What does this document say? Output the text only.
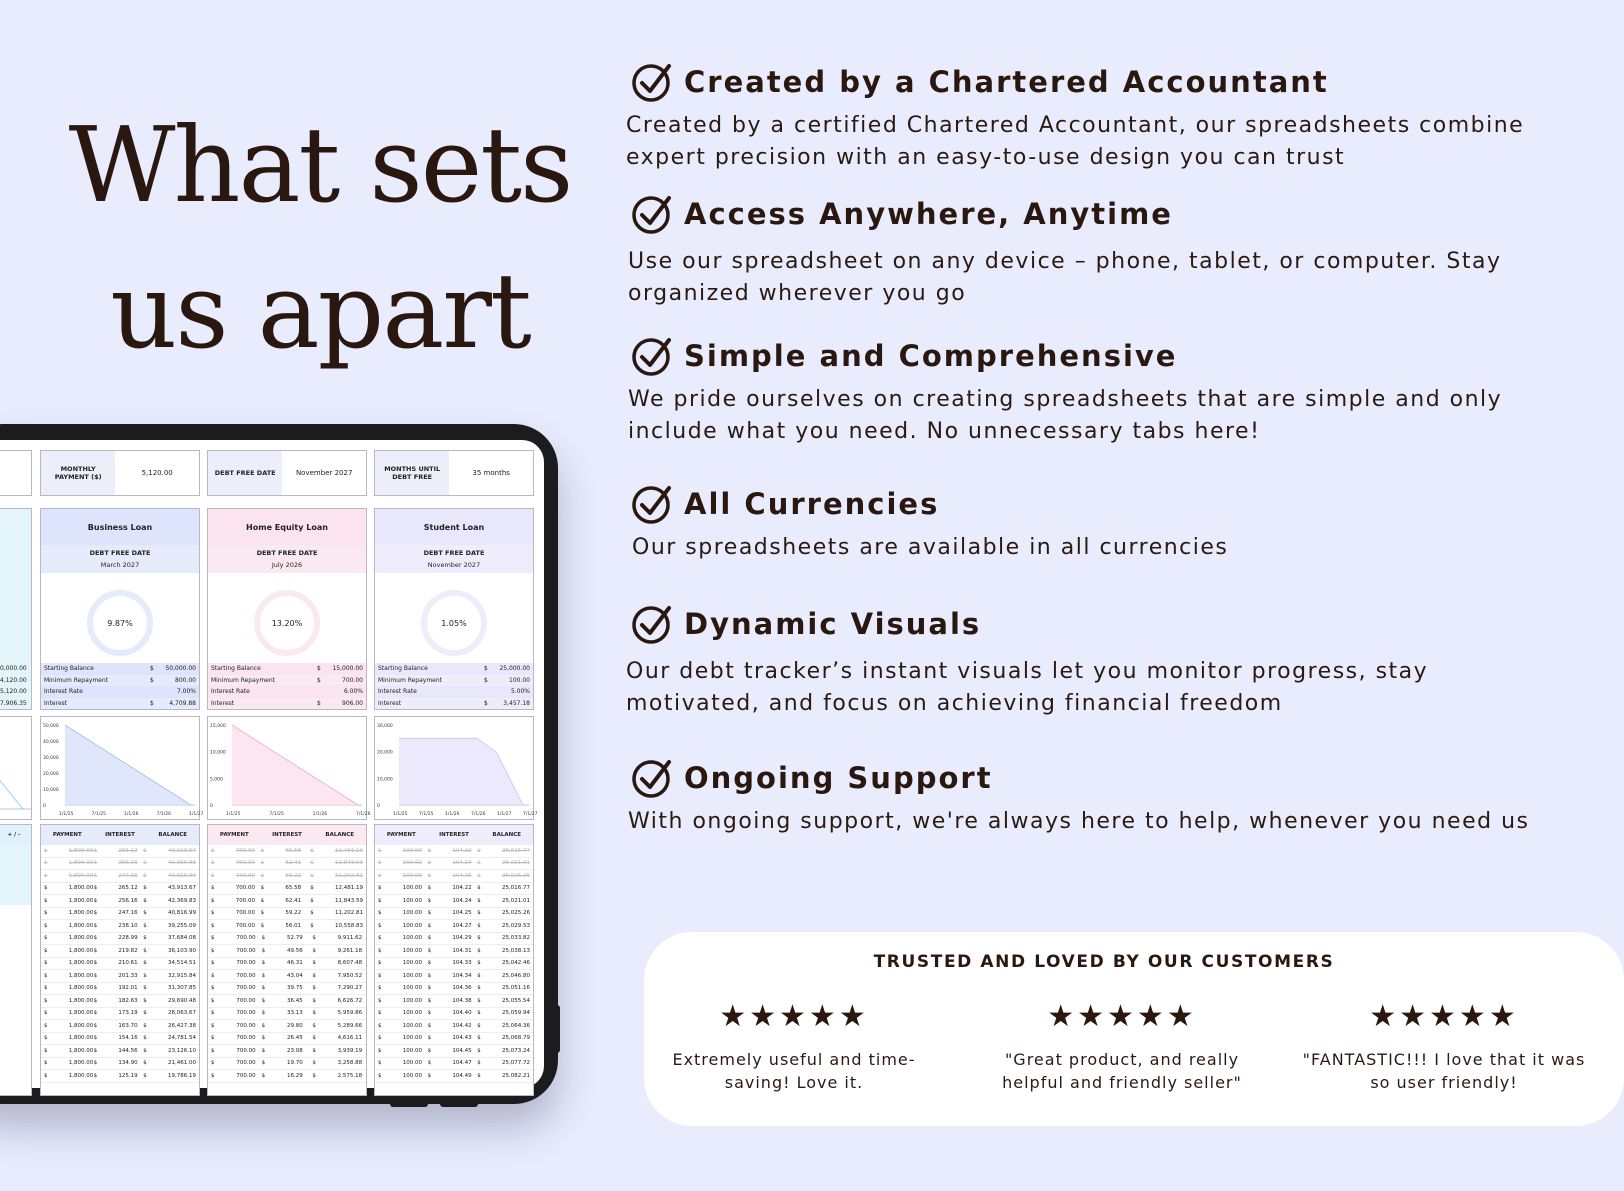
What sets
us apart
Created by a Chartered Accountant
Created by a certified Chartered Accountant, our spreadsheets combine expert precision with an easy-to-use design you can trust
Access Anywhere, Anytime
Use our spreadsheet on any device – phone, tablet, or computer. Stay organized wherever you go
Simple and Comprehensive
We pride ourselves on creating spreadsheets that are simple and only include what you need. No unnecessary tabs here!
All Currencies
Our spreadsheets are available in all currencies
Dynamic Visuals
Our debt tracker’s instant visuals let you monitor progress, stay motivated, and focus on achieving financial freedom
Ongoing Support
With ongoing support, we're always here to help, whenever you need us
TRUSTED AND LOVED BY OUR CUSTOMERS
★★★★★
Extremely useful and time-saving! Love it.
★★★★★
"Great product, and really helpful and friendly seller"
★★★★★
"FANTASTIC!!! I love that it was so user friendly!
0,000.00
4,120.00
5,120.00
7,906.35
+ / -
MONTHLY PAYMENT ($)	5,120.00	DEBT FREE DATE	November 2027	MONTHS UNTIL DEBT FREE	35 months
Business Loan
DEBT FREE DATE
March 2027
9.87%
Starting Balance	$	50,000.00
Minimum Repayment	$	800.00
Interest Rate	7.00%
Interest	$	4,709.88
50,000
40,000
30,000
20,000
10,000
0
1/1/25	7/1/25	1/1/26	7/1/26	1/1/27
PAYMENT	INTEREST	BALANCE
$	1,800.00 $	265.12	$	43,913.67
$	1,800.00 $	256.16	$	42,369.83
$	1,800.00 $	247.16	$	40,816.99
$	1,800.00 $	265.12	$	43,913.67
$	1,800.00 $	256.16	$	42,369.83
$	1,800.00 $	247.16	$	40,816.99
$	1,800.00 $	238.10	$	39,255.09
$	1,800.00 $	228.99	$	37,684.08
$	1,800.00 $	219.82	$	36,103.90
$	1,800.00 $	210.61	$	34,514.51
$	1,800.00 $	201.33	$	32,915.84
$	1,800.00 $	192.01	$	31,307.85
$	1,800.00 $	182.63	$	29,690.48
$	1,800.00 $	173.19	$	28,063.67
$	1,800.00 $	163.70	$	26,427.38
$	1,800.00 $	154.16	$	24,781.54
$	1,800.00 $	144.56	$	23,126.10
$	1,800.00 $	134.90	$	21,461.00
$	1,800.00 $	125.19	$	19,786.19
Home Equity Loan
DEBT FREE DATE
July 2026
13.20%
Starting Balance	$	15,000.00
Minimum Repayment	$	700.00
Interest Rate	6.00%
Interest	$	906.00
15,000
10,000
5,000
0
1/1/25	7/1/25	1/1/26	7/1/26
PAYMENT	INTEREST	BALANCE
$	700.00	$	65.58	$	12,481.19
$	700.00	$	62.41	$	11,843.59
$	700.00	$	59.22	$	11,202.81
$	700.00	$	65.58	$	12,481.19
$	700.00	$	62.41	$	11,843.59
$	700.00	$	59.22	$	11,202.81
$	700.00	$	56.01	$	10,558.83
$	700.00	$	52.79	$	9,911.62
$	700.00	$	49.56	$	9,261.18
$	700.00	$	46.31	$	8,607.48
$	700.00	$	43.04	$	7,950.52
$	700.00	$	39.75	$	7,290.27
$	700.00	$	36.45	$	6,626.72
$	700.00	$	33.13	$	5,959.86
$	700.00	$	29.80	$	5,289.66
$	700.00	$	26.45	$	4,616.11
$	700.00	$	23.08	$	3,939.19
$	700.00	$	19.70	$	3,258.88
$	700.00	$	16.29	$	2,575.18
Student Loan
DEBT FREE DATE
November 2027
1.05%
Starting Balance	$	25,000.00
Minimum Repayment	$	100.00
Interest Rate	5.00%
Interest	$	3,457.18
30,000
20,000
10,000
0
1/1/25	7/1/25	1/1/26	7/1/26	1/1/27	7/1/27
PAYMENT	INTEREST	BALANCE
$	100.00	$	104.22	$	25,016.77
$	100.00	$	104.24	$	25,021.01
$	100.00	$	104.25	$	25,025.26
$	100.00	$	104.22	$	25,016.77
$	100.00	$	104.24	$	25,021.01
$	100.00	$	104.25	$	25,025.26
$	100.00	$	104.27	$	25,029.53
$	100.00	$	104.29	$	25,033.82
$	100.00	$	104.31	$	25,038.13
$	100.00	$	104.33	$	25,042.46
$	100.00	$	104.34	$	25,046.80
$	100.00	$	104.36	$	25,051.16
$	100.00	$	104.38	$	25,055.54
$	100.00	$	104.40	$	25,059.94
$	100.00	$	104.42	$	25,064.36
$	100.00	$	104.43	$	25,068.79
$	100.00	$	104.45	$	25,073.24
$	100.00	$	104.47	$	25,077.72
$	100.00	$	104.49	$	25,082.21
